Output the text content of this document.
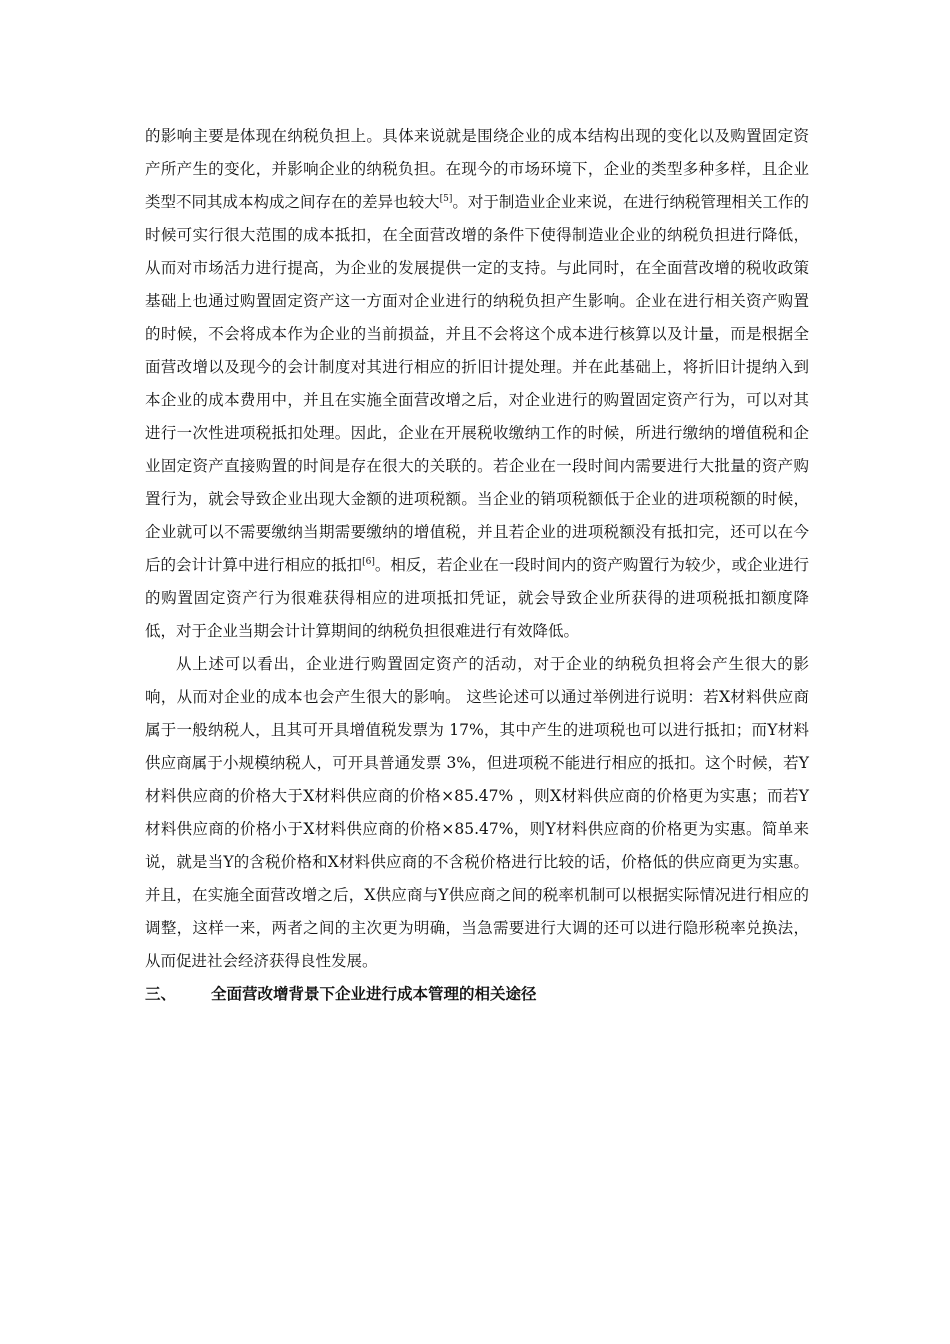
的影响主要是体现在纳税负担上。具体来说就是围绕企业的成本结构出现的变化以及购置固定资产所产生的变化，并影响企业的纳税负担。在现今的市场环境下，企业的类型多种多样，且企业类型不同其成本构成之间存在的差异也较大[5]。对于制造业企业来说，在进行纳税管理相关工作的时候可实行很大范围的成本抵扣，在全面营改增的条件下使得制造业企业的纳税负担进行降低，从而对市场活力进行提高，为企业的发展提供一定的支持。与此同时，在全面营改增的税收政策基础上也通过购置固定资产这一方面对企业进行的纳税负担产生影响。企业在进行相关资产购置的时候，不会将成本作为企业的当前损益，并且不会将这个成本进行核算以及计量，而是根据全面营改增以及现今的会计制度对其进行相应的折旧计提处理。并在此基础上，将折旧计提纳入到本企业的成本费用中，并且在实施全面营改增之后，对企业进行的购置固定资产行为，可以对其进行一次性进项税抵扣处理。因此，企业在开展税收缴纳工作的时候，所进行缴纳的增值税和企业固定资产直接购置的时间是存在很大的关联的。若企业在一段时间内需要进行大批量的资产购置行为，就会导致企业出现大金额的进项税额。当企业的销项税额低于企业的进项税额的时候，企业就可以不需要缴纳当期需要缴纳的增值税，并且若企业的进项税额没有抵扣完，还可以在今后的会计计算中进行相应的抵扣[6]。相反，若企业在一段时间内的资产购置行为较少，或企业进行的购置固定资产行为很难获得相应的进项抵扣凭证，就会导致企业所获得的进项税抵扣额度降低，对于企业当期会计计算期间的纳税负担很难进行有效降低。

从上述可以看出，企业进行购置固定资产的活动，对于企业的纳税负担将会产生很大的影响，从而对企业的成本也会产生很大的影响。 这些论述可以通过举例进行说明：若X材料供应商属于一般纳税人，且其可开具增值税发票为 17%，其中产生的进项税也可以进行抵扣；而Y材料供应商属于小规模纳税人，可开具普通发票 3%，但进项税不能进行相应的抵扣。这个时候，若Y材料供应商的价格大于X材料供应商的价格×85.47% ，则X材料供应商的价格更为实惠；而若Y材料供应商的价格小于X材料供应商的价格×85.47%，则Y材料供应商的价格更为实惠。简单来说，就是当Y的含税价格和X材料供应商的不含税价格进行比较的话，价格低的供应商更为实惠。并且，在实施全面营改增之后，X供应商与Y供应商之间的税率机制可以根据实际情况进行相应的调整，这样一来，两者之间的主次更为明确，当急需要进行大调的还可以进行隐形税率兑换法，从而促进社会经济获得良性发展。

三、	全面营改增背景下企业进行成本管理的相关途径
